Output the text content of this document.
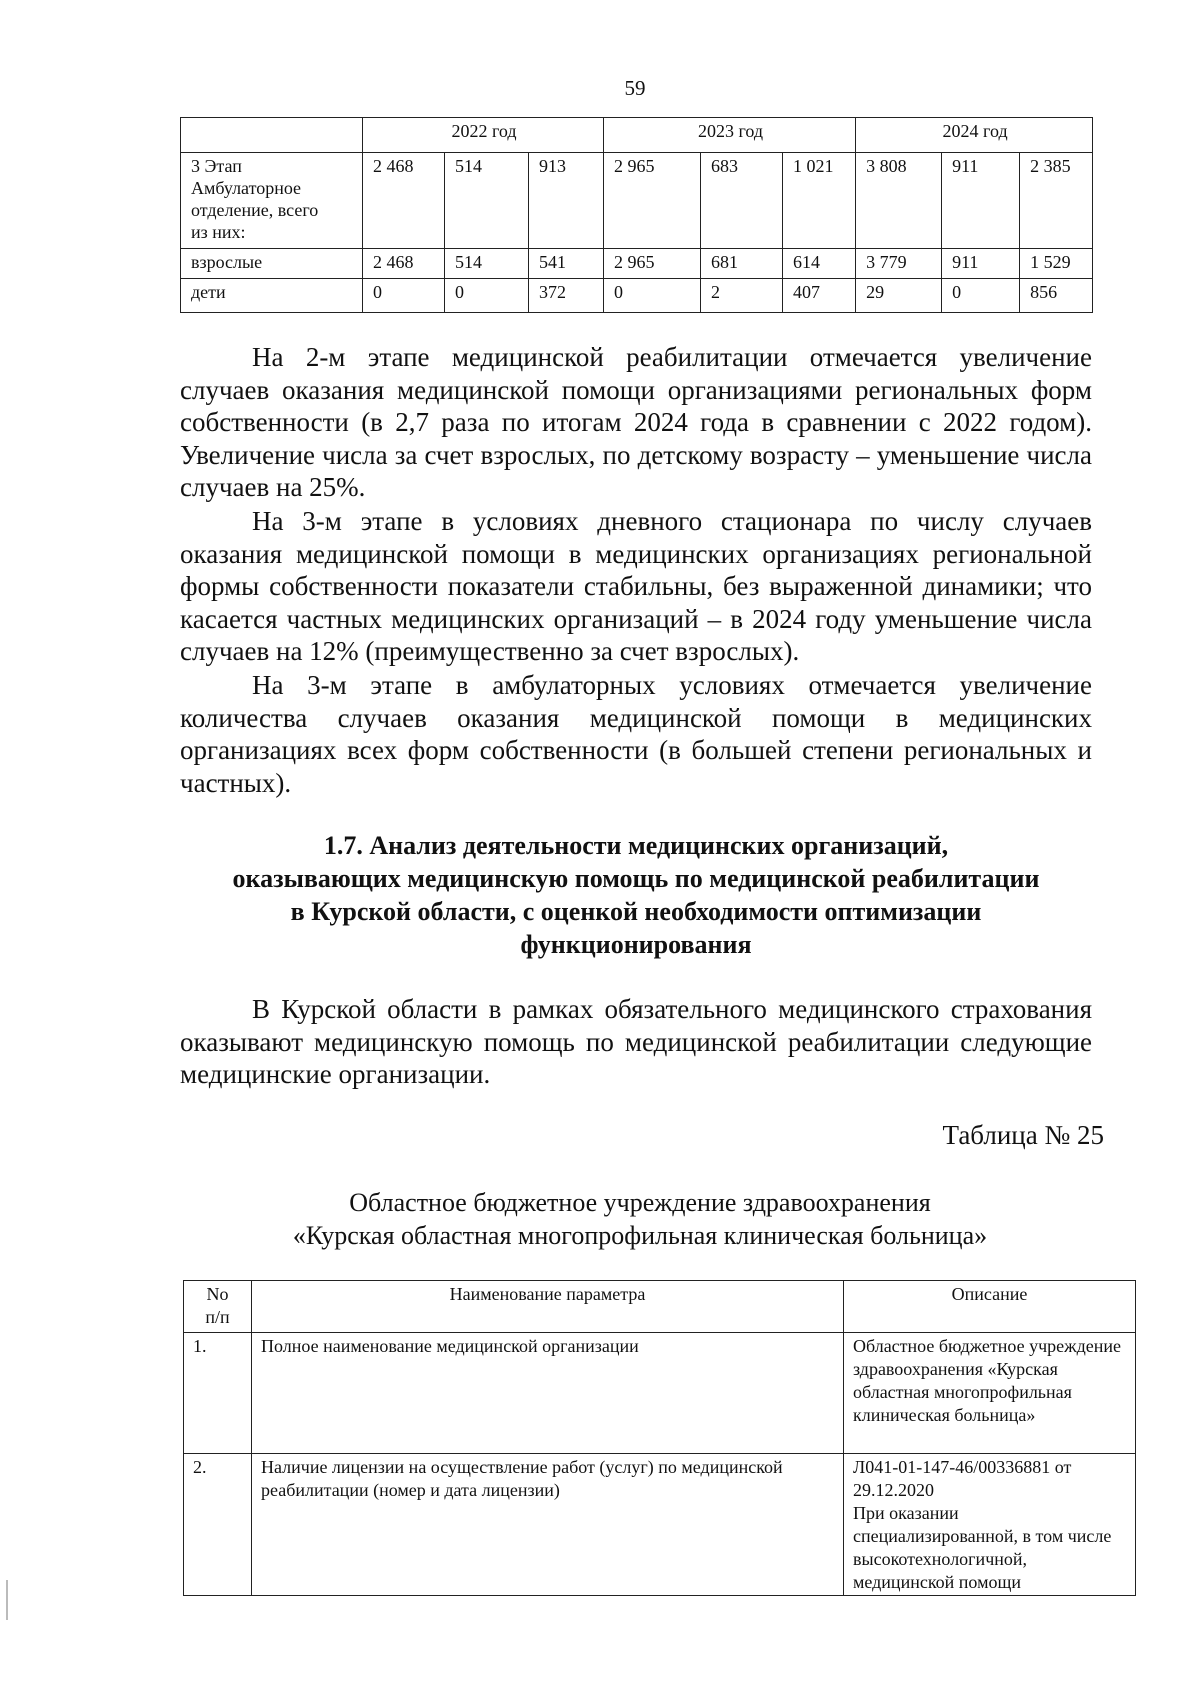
59
	2022 год			2023 год			2024 год		
3 Этап
Амбулаторное
отделение, всего
из них:	2 468	514	913	2 965	683	1 021	3 808	911	2 385
взрослые	2 468	514	541	2 965	681	614	3 779	911	1 529
дети	0	0	372	0	2	407	29	0	856

На 2-м этапе медицинской реабилитации отмечается увеличение случаев оказания медицинской помощи организациями региональных форм собственности (в 2,7 раза по итогам 2024 года в сравнении с 2022 годом). Увеличение числа за счет взрослых, по детскому возрасту – уменьшение числа случаев на 25%.

На 3-м этапе в условиях дневного стационара по числу случаев оказания медицинской помощи в медицинских организациях региональной формы собственности показатели стабильны, без выраженной динамики; что касается частных медицинских организаций – в 2024 году уменьшение числа случаев на 12% (преимущественно за счет взрослых).

На 3-м этапе в амбулаторных условиях отмечается увеличение количества случаев оказания медицинской помощи в медицинских организациях всех форм собственности (в большей степени региональных и частных).

1.7. Анализ деятельности медицинских организаций,
оказывающих медицинскую помощь по медицинской реабилитации
в Курской области, с оценкой необходимости оптимизации
функционирования

В Курской области в рамках обязательного медицинского страхования оказывают медицинскую помощь по медицинской реабилитации следующие медицинские организации.

Таблица № 25
Областное бюджетное учреждение здравоохранения
«Курская областная многопрофильная клиническая больница»
No
п/п	Наименование параметра	Описание
1.	Полное наименование медицинской организации	Областное бюджетное учреждение здравоохранения «Курская областная многопрофильная клиническая больница»
2.	Наличие лицензии на осуществление работ (услуг) по медицинской реабилитации (номер и дата лицензии)	Л041-01-147-46/00336881 от 29.12.2020
При оказании специализированной, в том числе высокотехнологичной, медицинской помощи
